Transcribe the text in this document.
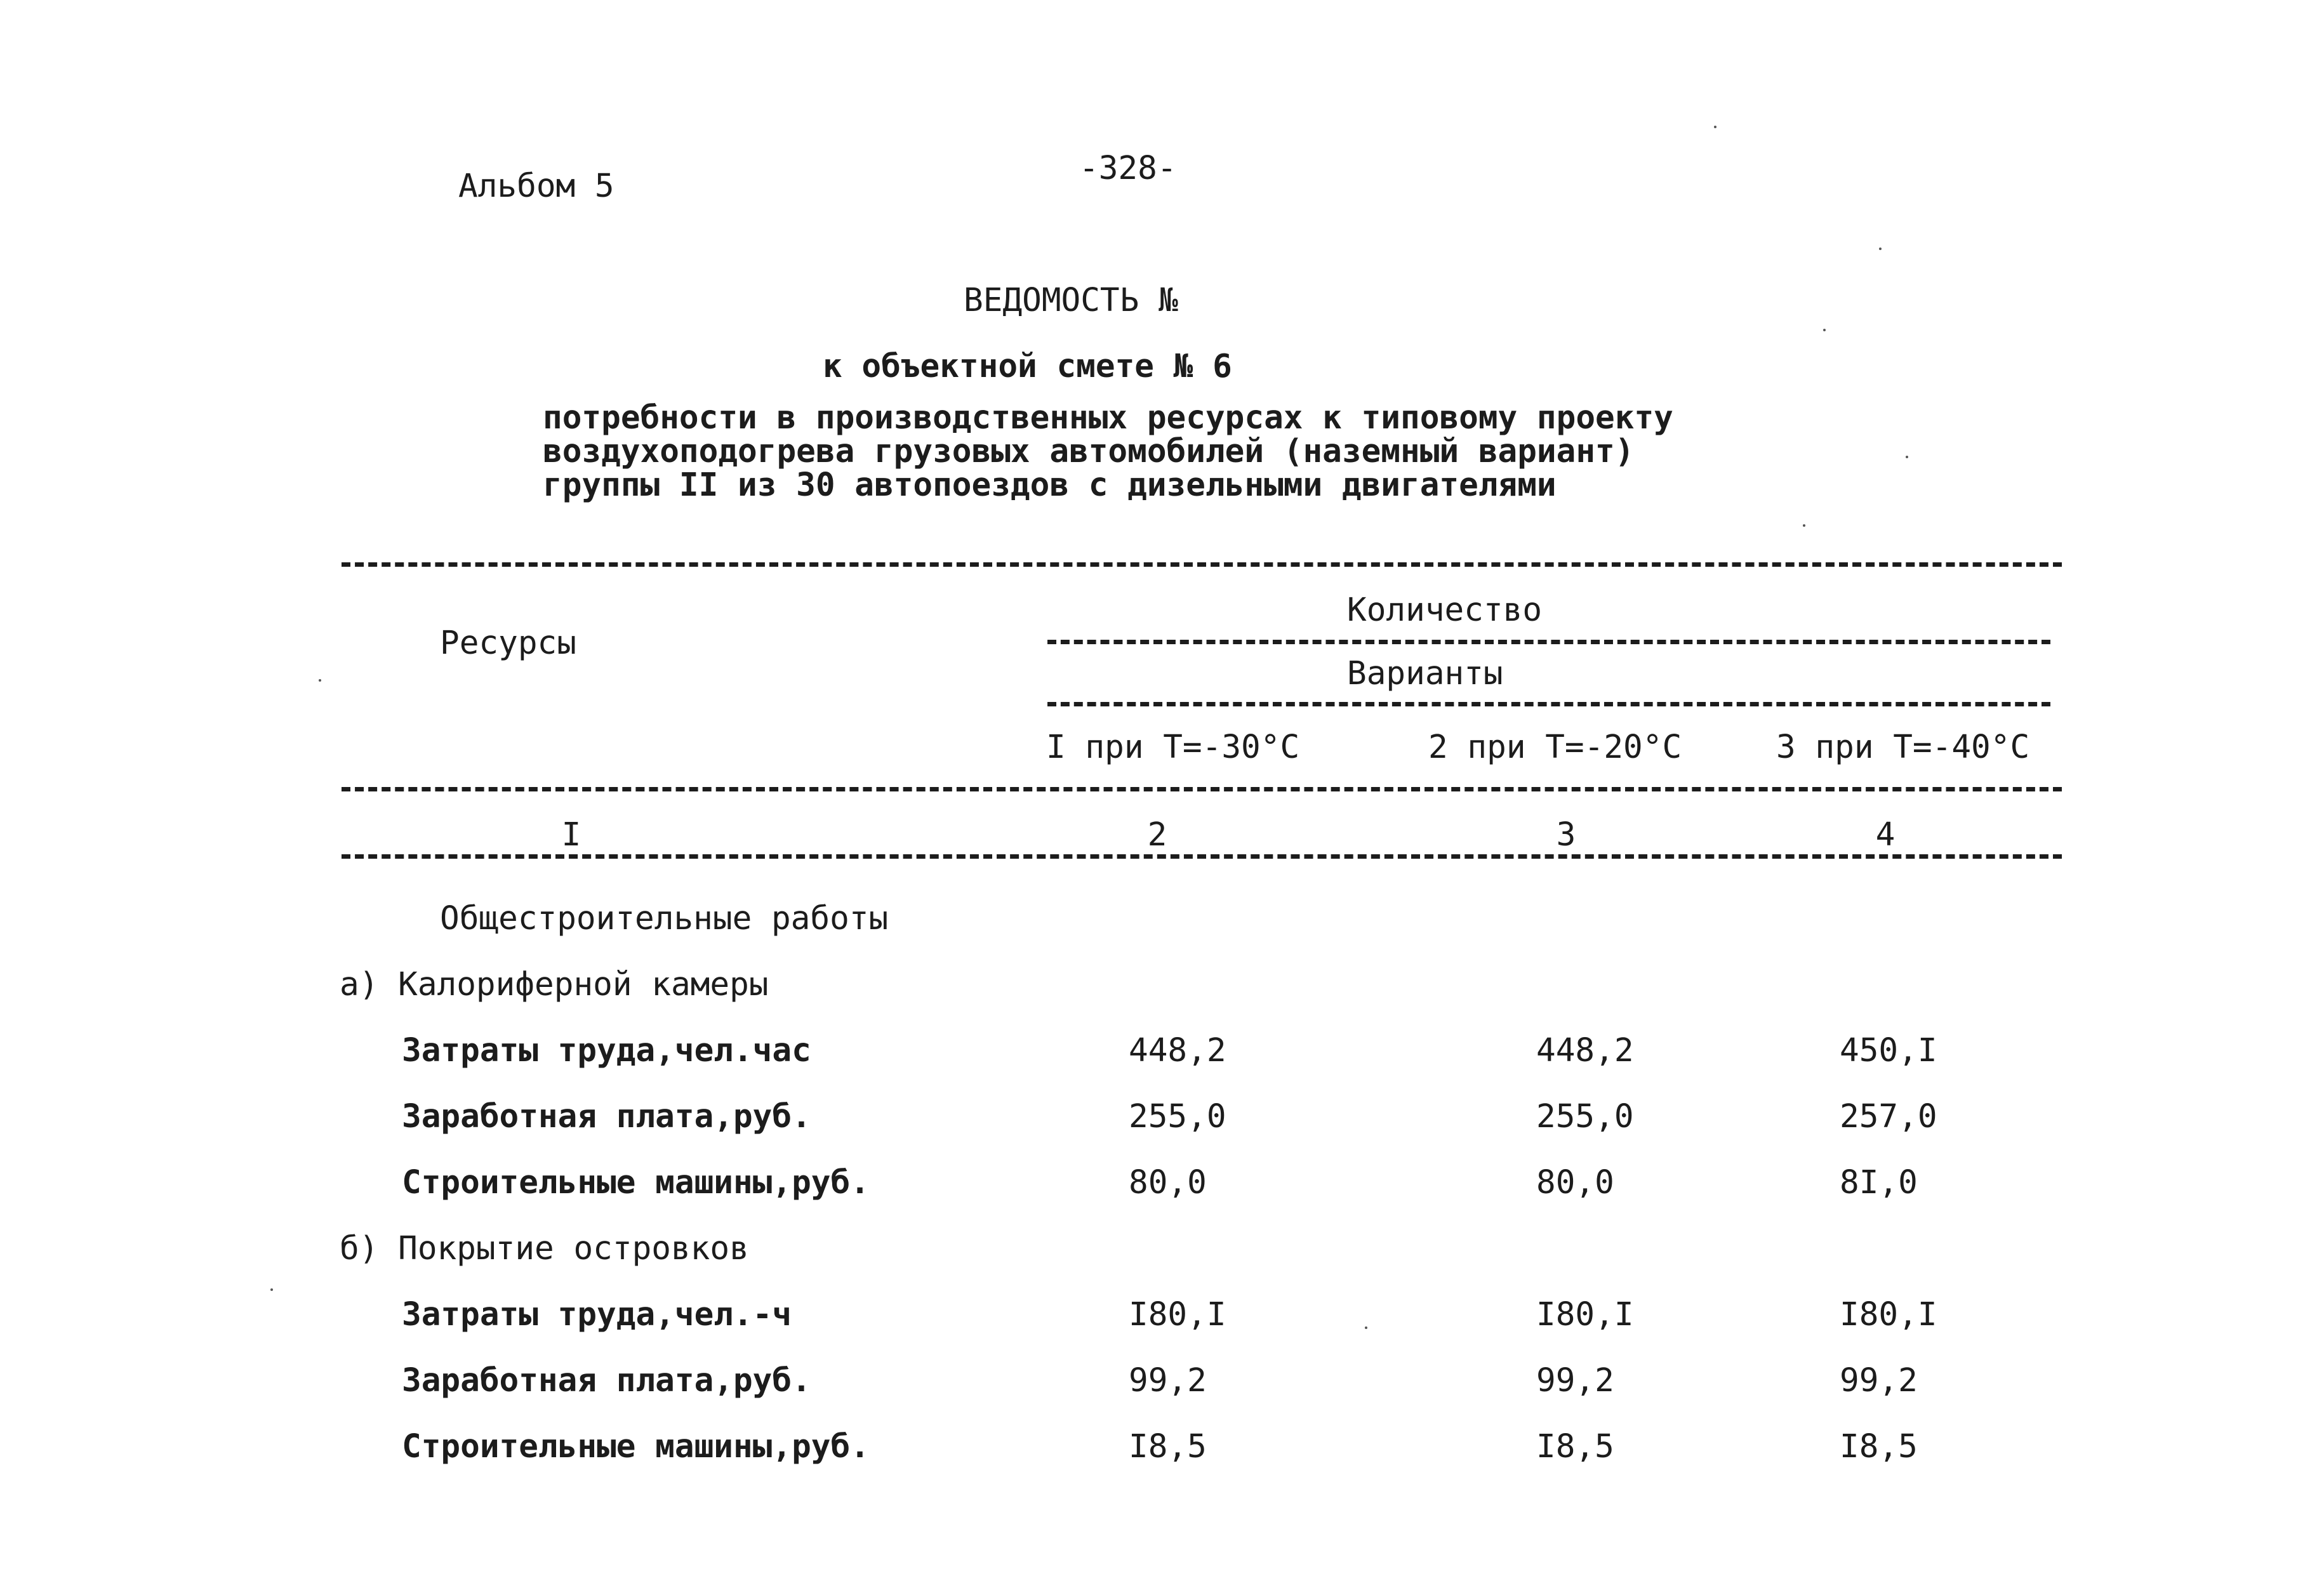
Альбом 5	-328-
ВЕДОМОСТЬ №
к объектной смете № 6
потребности в производственных ресурсах к типовому проекту
воздухоподогрева грузовых автомобилей (наземный вариант)
группы II из 30 автопоездов с дизельными двигателями
Ресурсы
Количество
Варианты
I при Т=-30°С	2 при Т=-20°С	3 при Т=-40°С
I	2	3	4
Общестроительные работы
а) Калориферной камеры
Затраты труда,чел.час	448,2	448,2	450,I
Заработная плата,руб.	255,0	255,0	257,0
Строительные машины,руб.	80,0	80,0	8I,0
б) Покрытие островков
Затраты труда,чел.-ч	I80,I	I80,I	I80,I
Заработная плата,руб.	99,2	99,2	99,2
Строительные машины,руб.	I8,5	I8,5	I8,5
